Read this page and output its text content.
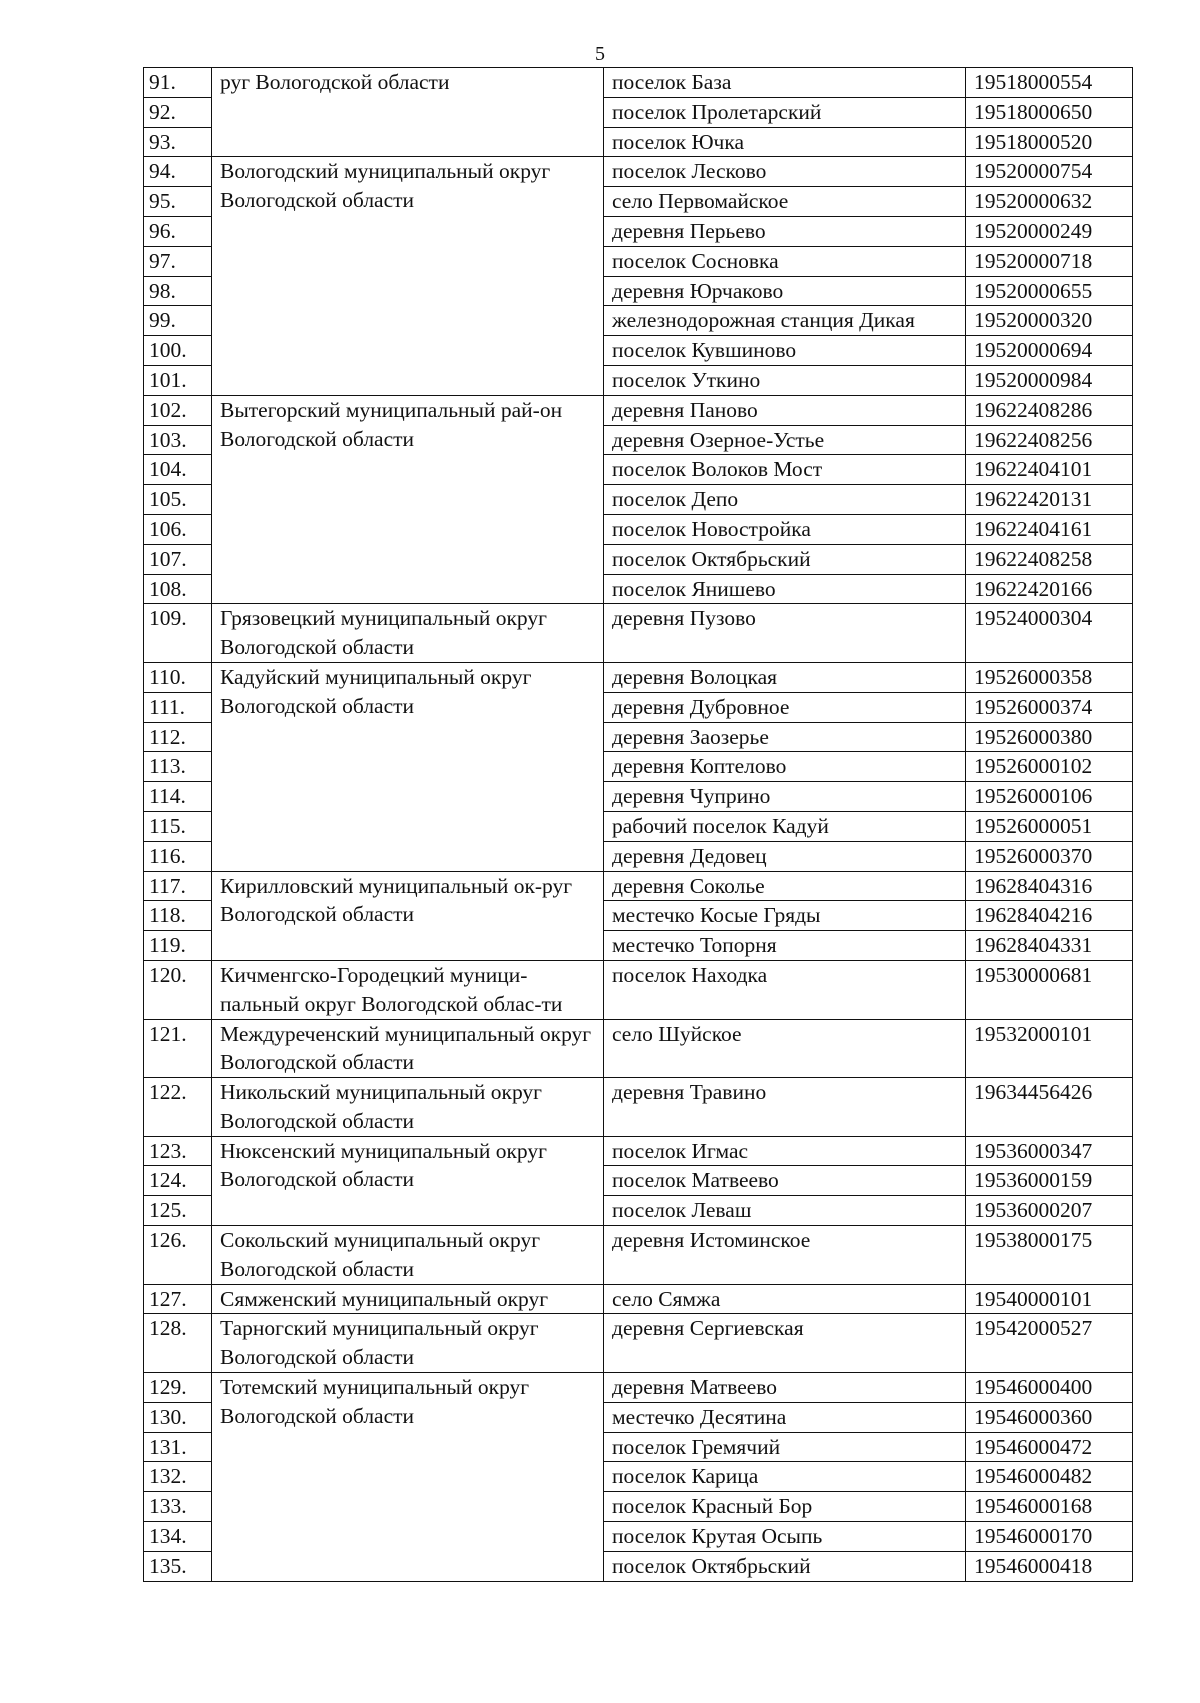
5
91.	руг Вологодской области	поселок База	19518000554
92.		поселок Пролетарский	19518000650
93.		поселок Ючка	19518000520
94.	Вологодский муниципальный округ Вологодской области	поселок Лесково	19520000754
95.		село Первомайское	19520000632
96.		деревня Перьево	19520000249
97.		поселок Сосновка	19520000718
98.		деревня Юрчаково	19520000655
99.		железнодорожная станция Дикая	19520000320
100.		поселок Кувшиново	19520000694
101.		поселок Уткино	19520000984
102.	Вытегорский муниципальный рай-он Вологодской области	деревня Паново	19622408286
103.		деревня Озерное-Устье	19622408256
104.		поселок Волоков Мост	19622404101
105.		поселок Депо	19622420131
106.		поселок Новостройка	19622404161
107.		поселок Октябрьский	19622408258
108.		поселок Янишево	19622420166
109.	Грязовецкий муниципальный округ Вологодской области	деревня Пузово	19524000304
110.	Кадуйский муниципальный округ Вологодской области	деревня Волоцкая	19526000358
111.		деревня Дубровное	19526000374
112.		деревня Заозерье	19526000380
113.		деревня Коптелово	19526000102
114.		деревня Чуприно	19526000106
115.		рабочий поселок Кадуй	19526000051
116.		деревня Дедовец	19526000370
117.	Кирилловский муниципальный ок-руг Вологодской области	деревня Сокольe	19628404316
118.		местечко Косые Гряды	19628404216
119.		местечко Топорня	19628404331
120.	Кичменгско-Городецкий муници-пальный округ Вологодской облас-ти	поселок Находка	19530000681
121.	Междуреченский муниципальный округ Вологодской области	село Шуйское	19532000101
122.	Никольский муниципальный округ Вологодской области	деревня Травино	19634456426
123.	Нюксенский муниципальный округ Вологодской области	поселок Игмас	19536000347
124.		поселок Матвеево	19536000159
125.		поселок Леваш	19536000207
126.	Сокольский муниципальный округ Вологодской области	деревня Истоминское	19538000175
127.	Сямженский муниципальный округ	село Сямжа	19540000101
128.	Тарногский муниципальный округ Вологодской области	деревня Сергиевская	19542000527
129.	Тотемский муниципальный округ Вологодской области	деревня Матвеево	19546000400
130.		местечко Десятина	19546000360
131.		поселок Гремячий	19546000472
132.		поселок Карица	19546000482
133.		поселок Красный Бор	19546000168
134.		поселок Крутая Осыпь	19546000170
135.		поселок Октябрьский	19546000418
